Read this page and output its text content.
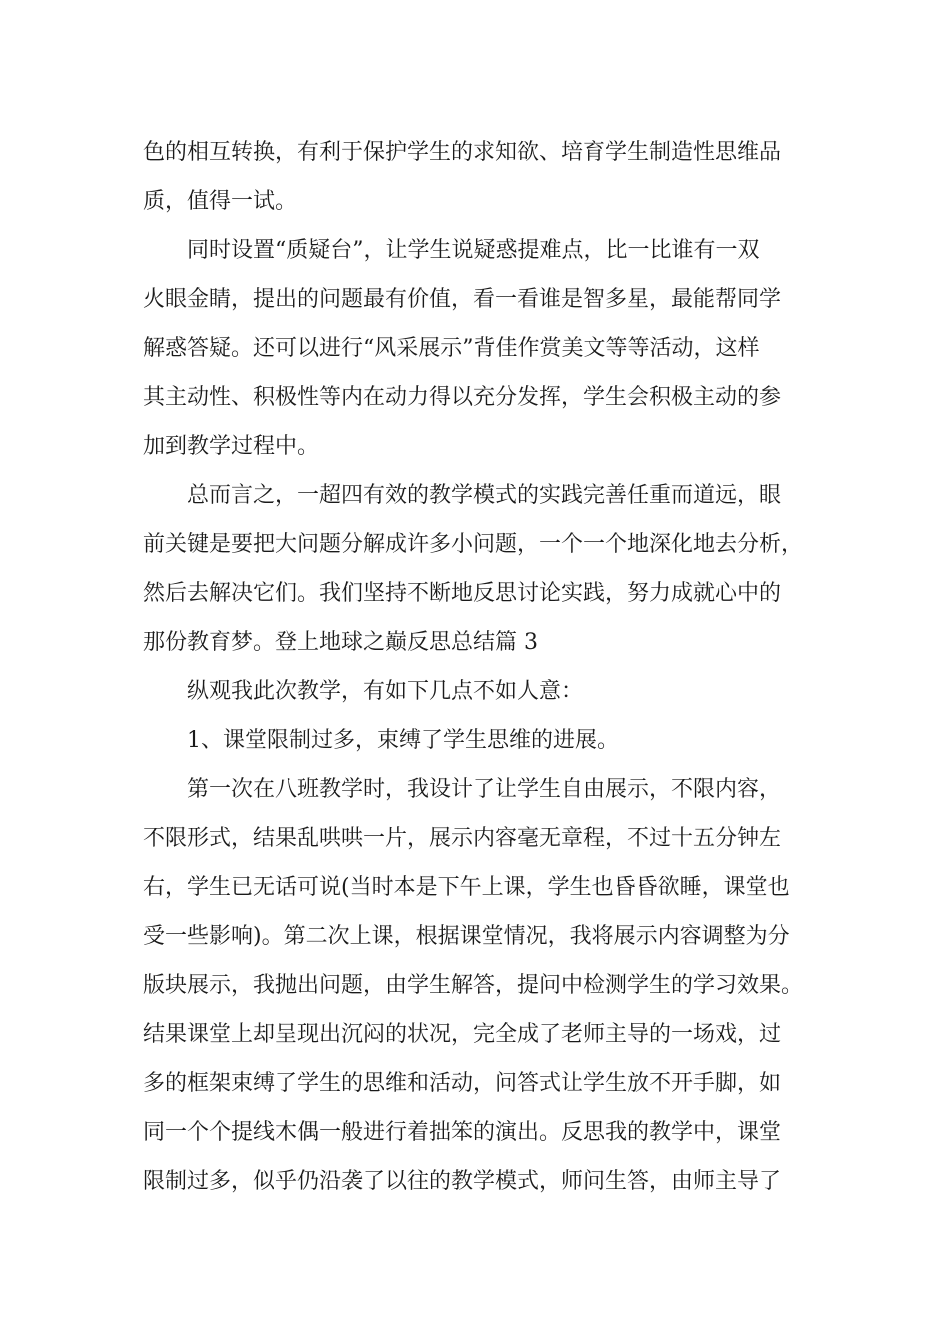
色的相互转换，有利于保护学生的求知欲、培育学生制造性思维品
质，值得一试。
　　同时设置“质疑台”，让学生说疑惑提难点，比一比谁有一双
火眼金睛，提出的问题最有价值，看一看谁是智多星，最能帮同学
解惑答疑。还可以进行“风采展示”背佳作赏美文等等活动，这样
其主动性、积极性等内在动力得以充分发挥，学生会积极主动的参
加到教学过程中。
　　总而言之，一超四有效的教学模式的实践完善任重而道远，眼
前关键是要把大问题分解成许多小问题，一个一个地深化地去分析，
然后去解决它们。我们坚持不断地反思讨论实践，努力成就心中的
那份教育梦。登上地球之巅反思总结篇 3
　　纵观我此次教学，有如下几点不如人意：
　　1、课堂限制过多，束缚了学生思维的进展。
　　第一次在八班教学时，我设计了让学生自由展示，不限内容，
不限形式，结果乱哄哄一片，展示内容毫无章程，不过十五分钟左
右，学生已无话可说(当时本是下午上课，学生也昏昏欲睡，课堂也
受一些影响)。第二次上课，根据课堂情况，我将展示内容调整为分
版块展示，我抛出问题，由学生解答，提问中检测学生的学习效果。
结果课堂上却呈现出沉闷的状况，完全成了老师主导的一场戏，过
多的框架束缚了学生的思维和活动，问答式让学生放不开手脚，如
同一个个提线木偶一般进行着拙笨的演出。反思我的教学中，课堂
限制过多，似乎仍沿袭了以往的教学模式，师问生答，由师主导了
